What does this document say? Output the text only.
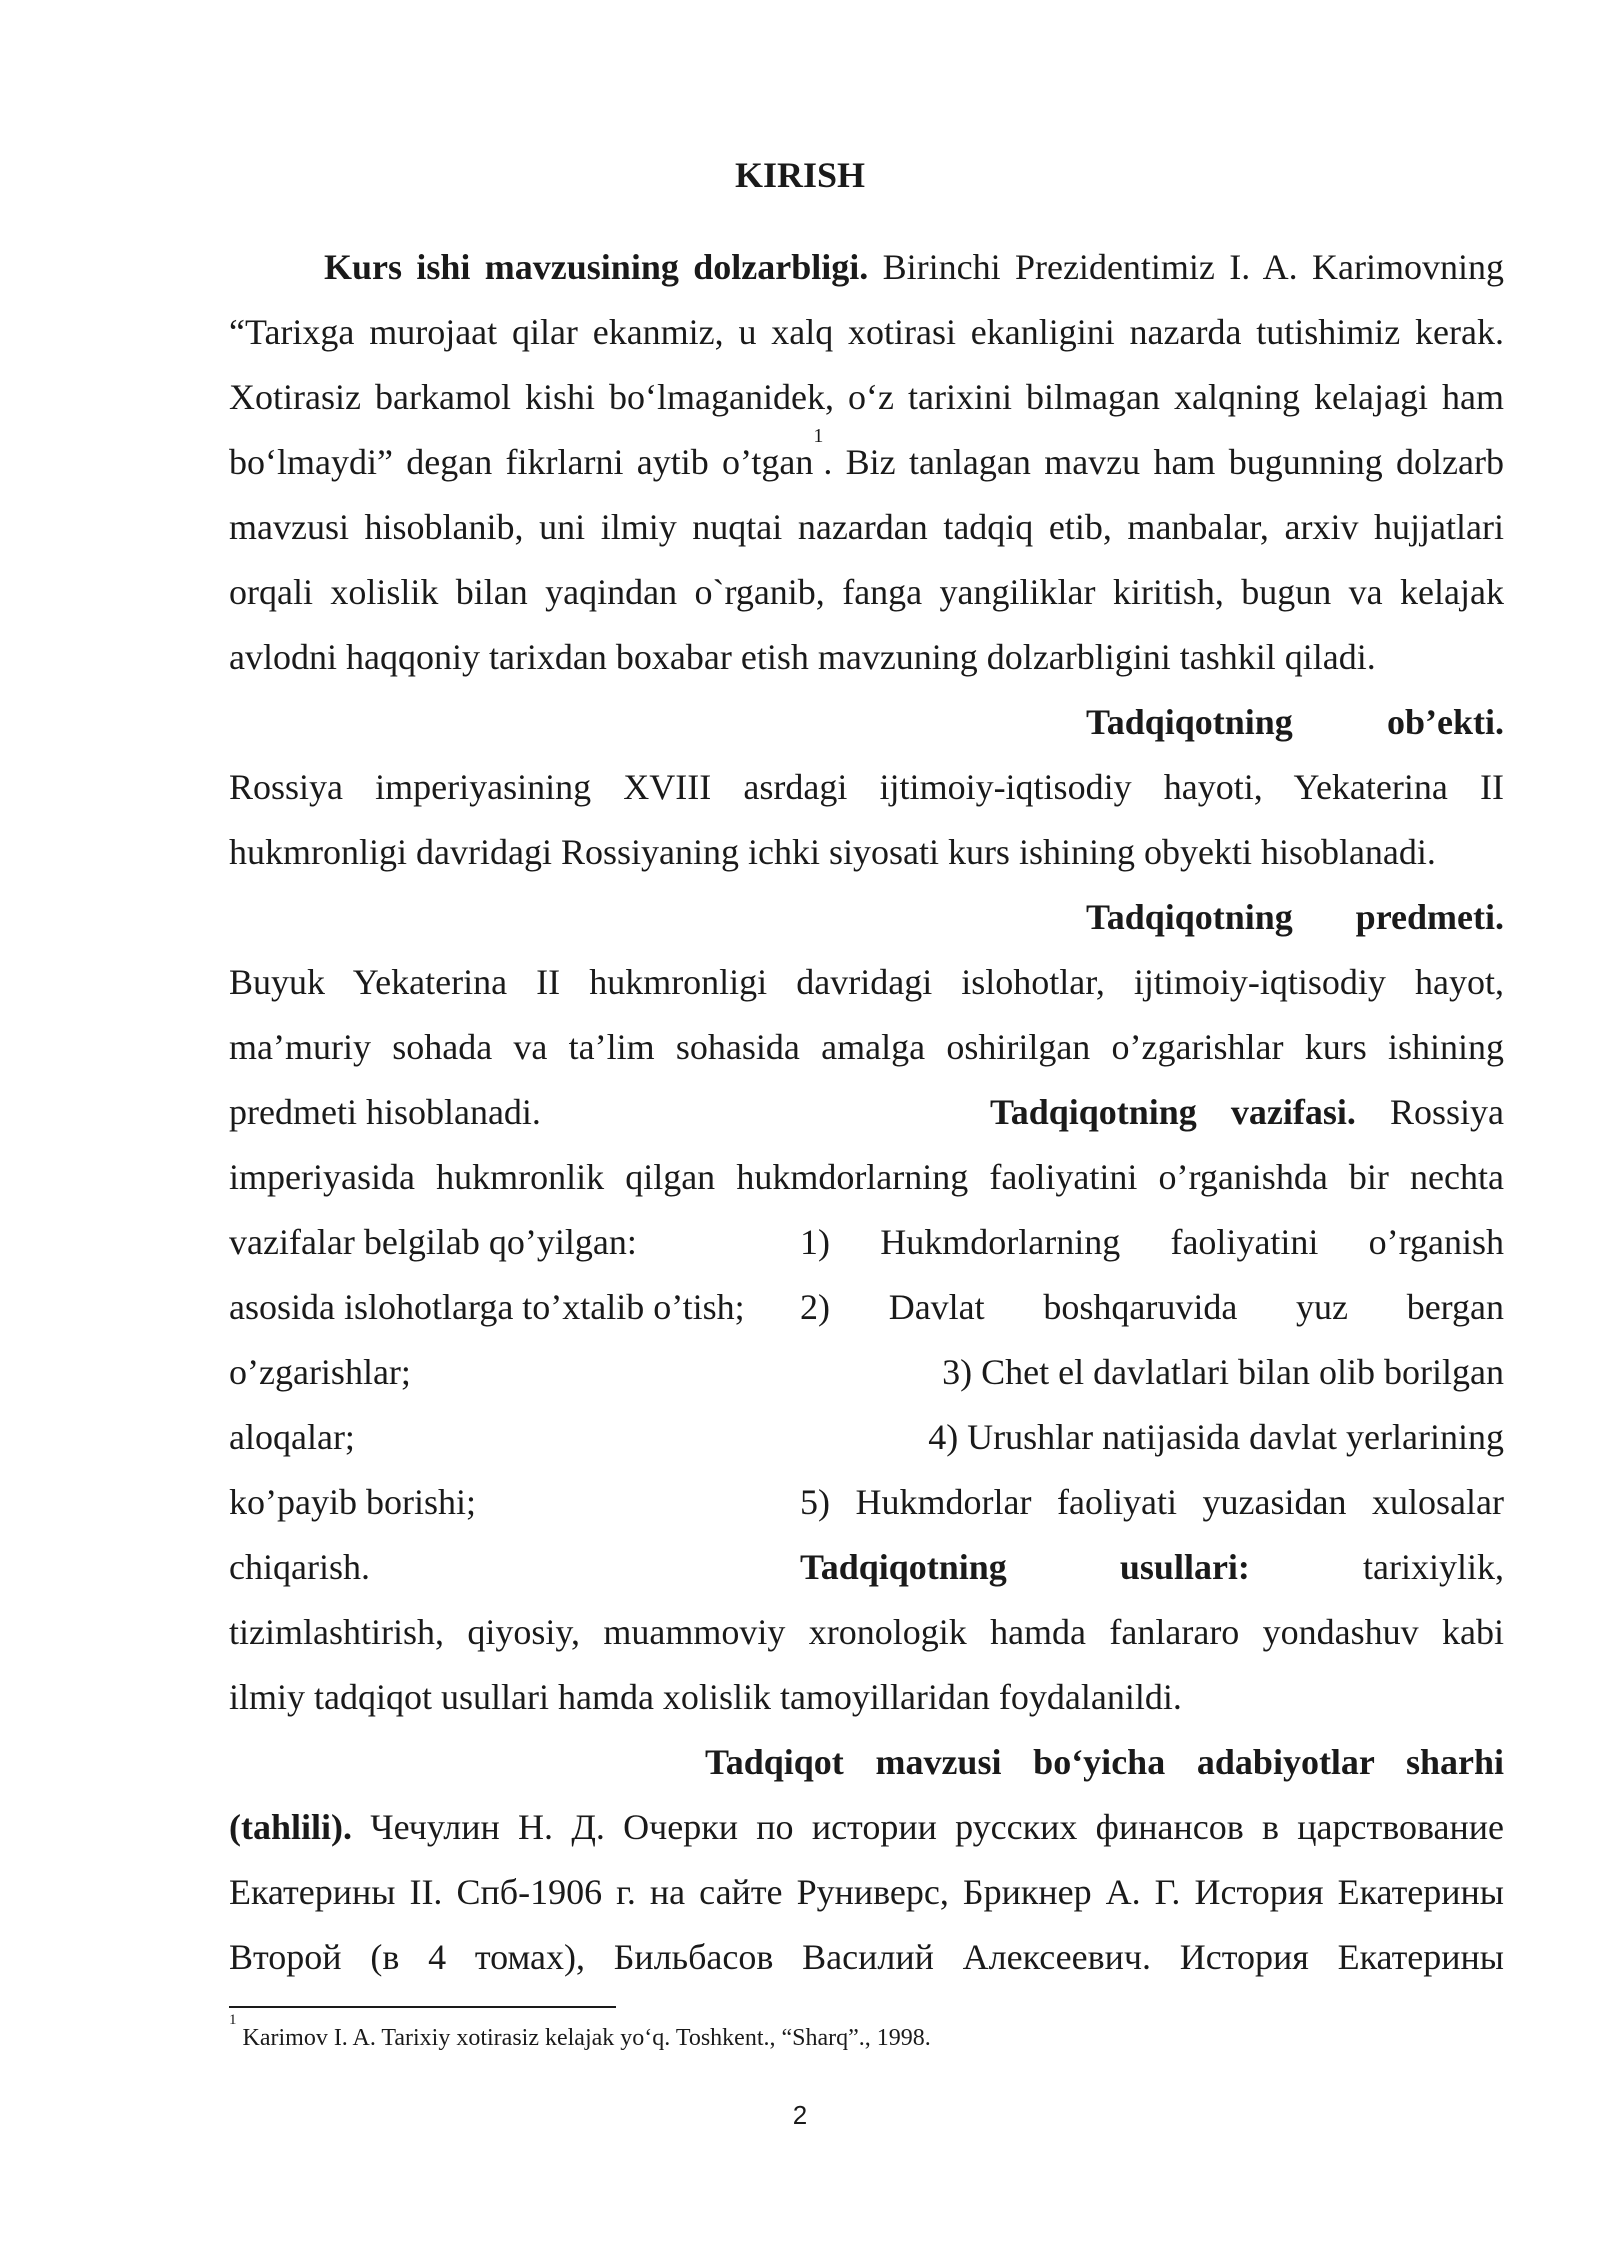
KIRISH
Kurs ishi mavzusining dolzarbligi. Birinchi Prezidentimiz I. A. Karimovning
“Tarixga murojaat qilar ekanmiz, u xalq xotirasi ekanligini nazarda tutishimiz kerak.
Xotirasiz barkamol kishi bo‘lmaganidek, o‘z tarixini bilmagan xalqning kelajagi ham
bo‘lmaydi” degan fikrlarni aytib o’tgan$^1$. Biz tanlagan mavzu ham bugunning dolzarb
mavzusi hisoblanib, uni ilmiy nuqtai nazardan tadqiq etib, manbalar, arxiv hujjatlari
orqali xolislik bilan yaqindan o`rganib, fanga yangiliklar kiritish, bugun va kelajak
avlodni haqqoniy tarixdan boxabar etish mavzuning dolzarbligini tashkil qiladi.
Tadqiqotning ob’ekti.
Rossiya imperiyasining XVIII asrdagi ijtimoiy-iqtisodiy hayoti, Yekaterina II
hukmronligi davridagi Rossiyaning ichki siyosati kurs ishining obyekti hisoblanadi.
Tadqiqotning predmeti.
Buyuk Yekaterina II hukmronligi davridagi islohotlar, ijtimoiy-iqtisodiy hayot,
ma’muriy sohada va ta’lim sohasida amalga oshirilgan o’zgarishlar kurs ishining
predmeti hisoblanadi.	Tadqiqotning vazifasi. Rossiya
imperiyasida hukmronlik qilgan hukmdorlarning faoliyatini o’rganishda bir nechta
vazifalar belgilab qo’yilgan:	1) Hukmdorlarning faoliyatini o’rganish
asosida islohotlarga to’xtalib o’tish; 2) Davlat boshqaruvida yuz bergan
o’zgarishlar;	3) Chet el davlatlari bilan olib borilgan
aloqalar;	4) Urushlar natijasida davlat yerlarining
ko’payib borishi;	5) Hukmdorlar faoliyati yuzasidan xulosalar
chiqarish.	Tadqiqotning usullari:	tarixiylik,
tizimlashtirish, qiyosiy, muammoviy xronologik hamda fanlararo yondashuv kabi
ilmiy tadqiqot usullari hamda xolislik tamoyillaridan foydalanildi.
Tadqiqot mavzusi bo‘yicha adabiyotlar sharhi
(tahlili). Чечулин Н. Д. Очерки по истории русских финансов в царствование
Екатерины II. Спб-1906 г. на сайте Руниверс, Брикнер А. Г. История Екатерины
Второй (в 4 томах), Бильбасов Василий Алексеевич. История Екатерины
$^1$ Karimov I. A. Tarixiy xotirasiz kelajak yo‘q. Toshkent., “Sharq”., 1998.
2
